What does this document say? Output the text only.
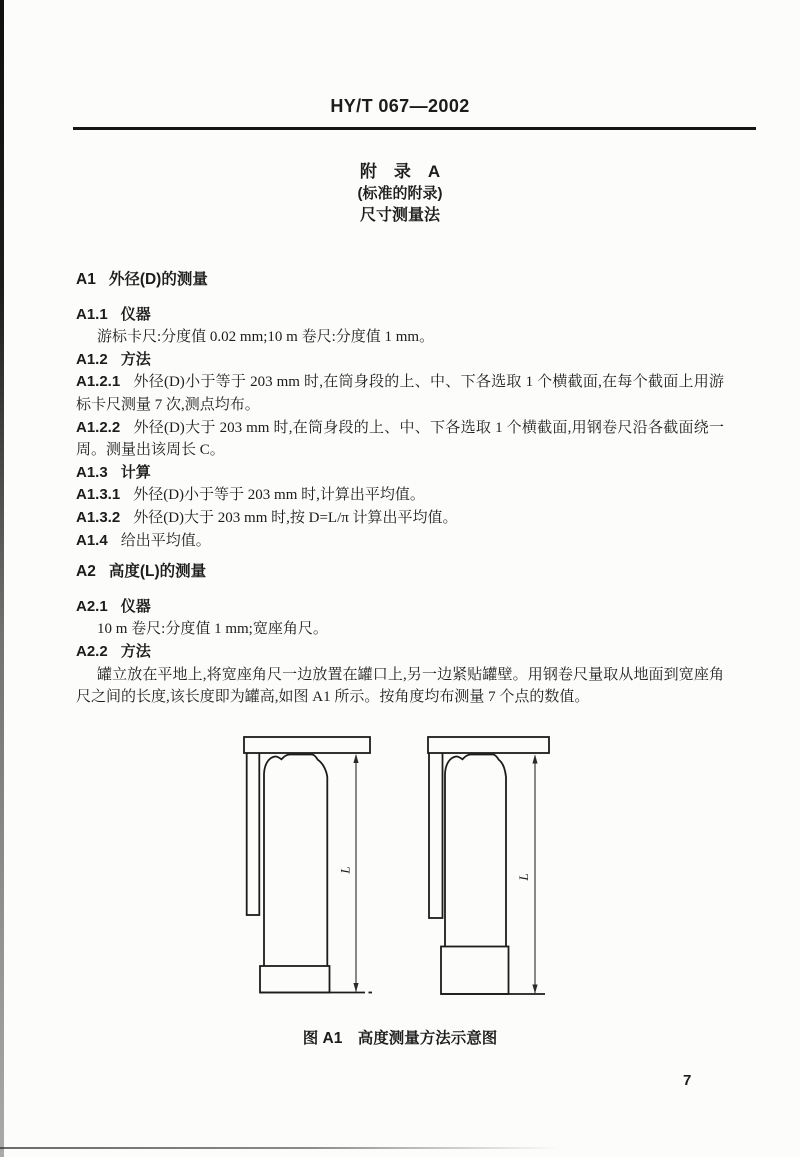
HY/T 067—2002
附　录　A
(标准的附录)
尺寸测量法

A1 外径(D)的测量

A1.1 仪器

游标卡尺:分度值 0.02 mm;10 m 卷尺:分度值 1 mm。

A1.2 方法

A1.2.1 外径(D)小于等于 203 mm 时,在筒身段的上、中、下各选取 1 个横截面,在每个截面上用游标卡尺测量 7 次,测点均布。

A1.2.2 外径(D)大于 203 mm 时,在筒身段的上、中、下各选取 1 个横截面,用钢卷尺沿各截面绕一周。测量出该周长 C。

A1.3 计算

A1.3.1 外径(D)小于等于 203 mm 时,计算出平均值。

A1.3.2 外径(D)大于 203 mm 时,按 D=L/π 计算出平均值。

A1.4 给出平均值。

A2 高度(L)的测量

A2.1 仪器

10 m 卷尺:分度值 1 mm;宽座角尺。

A2.2 方法

罐立放在平地上,将宽座角尺一边放置在罐口上,另一边紧贴罐壁。用钢卷尺量取从地面到宽座角尺之间的长度,该长度即为罐高,如图 A1 所示。按角度均布测量 7 个点的数值。

L
L
图 A1　高度测量方法示意图
7
